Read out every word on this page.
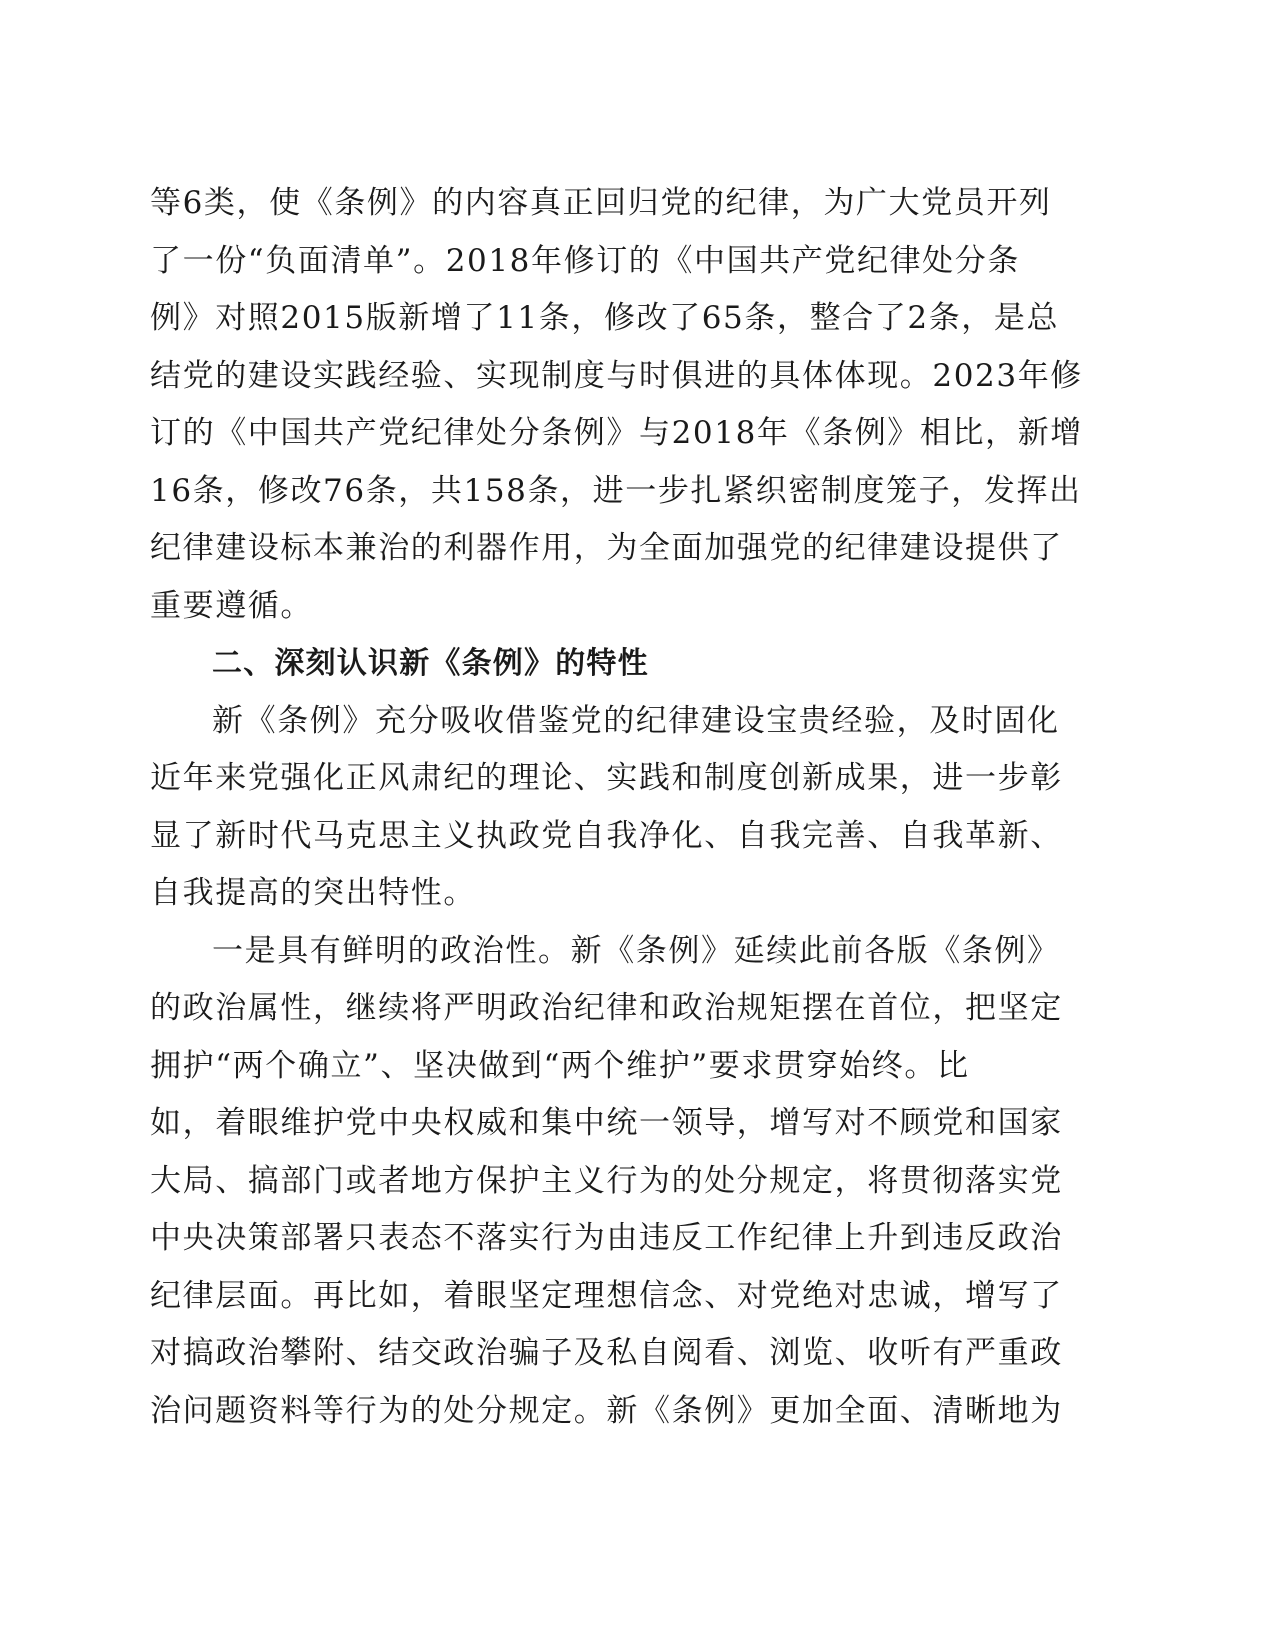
等6类，使《条例》的内容真正回归党的纪律，为广大党员开列
了一份“负面清单”。2018年修订的《中国共产党纪律处分条
例》对照2015版新增了11条，修改了65条，整合了2条，是总
结党的建设实践经验、实现制度与时俱进的具体体现。2023年修
订的《中国共产党纪律处分条例》与2018年《条例》相比，新增
16条，修改76条，共158条，进一步扎紧织密制度笼子，发挥出
纪律建设标本兼治的利器作用，为全面加强党的纪律建设提供了
重要遵循。

二、深刻认识新《条例》的特性

新《条例》充分吸收借鉴党的纪律建设宝贵经验，及时固化
近年来党强化正风肃纪的理论、实践和制度创新成果，进一步彰
显了新时代马克思主义执政党自我净化、自我完善、自我革新、
自我提高的突出特性。

一是具有鲜明的政治性。新《条例》延续此前各版《条例》
的政治属性，继续将严明政治纪律和政治规矩摆在首位，把坚定
拥护“两个确立”、坚决做到“两个维护”要求贯穿始终。比
如，着眼维护党中央权威和集中统一领导，增写对不顾党和国家
大局、搞部门或者地方保护主义行为的处分规定，将贯彻落实党
中央决策部署只表态不落实行为由违反工作纪律上升到违反政治
纪律层面。再比如，着眼坚定理想信念、对党绝对忠诚，增写了
对搞政治攀附、结交政治骗子及私自阅看、浏览、收听有严重政
治问题资料等行为的处分规定。新《条例》更加全面、清晰地为
